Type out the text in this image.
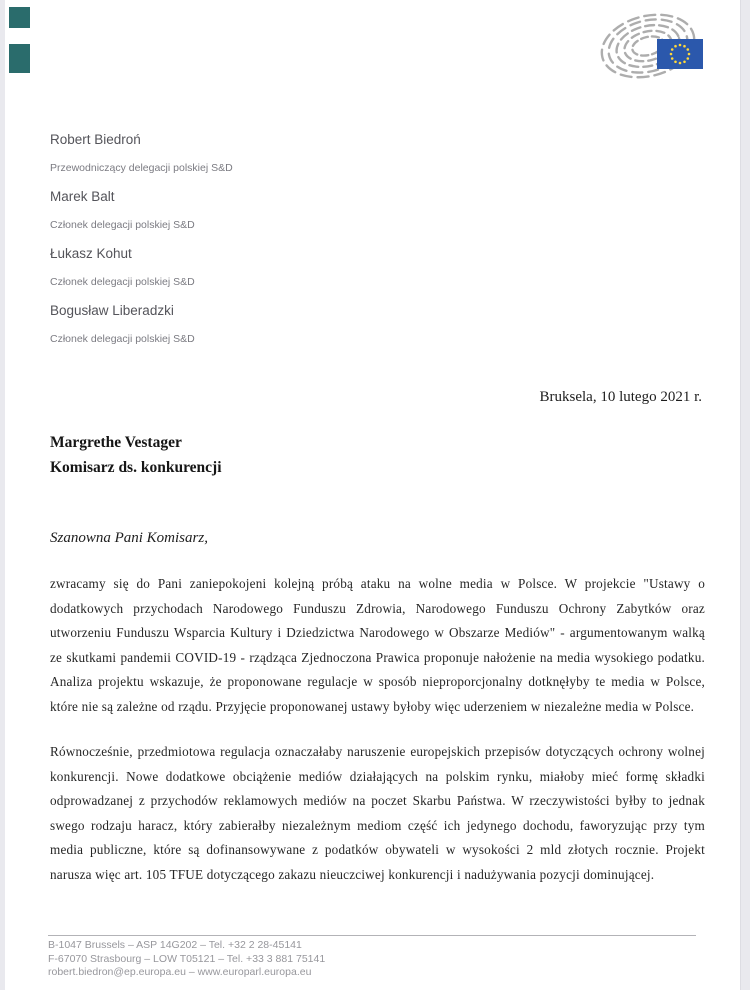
Robert Biedroń
Przewodniczący delegacji polskiej S&D
Marek Balt
Członek delegacji polskiej S&D
Łukasz Kohut
Członek delegacji polskiej S&D
Bogusław Liberadzki
Członek delegacji polskiej S&D
Bruksela, 10 lutego 2021 r.
Margrethe Vestager
Komisarz ds. konkurencji
Szanowna Pani Komisarz,
zwracamy się do Pani zaniepokojeni kolejną próbą ataku na wolne media w Polsce. W projekcie "Ustawy o
dodatkowych przychodach Narodowego Funduszu Zdrowia, Narodowego Funduszu Ochrony Zabytków oraz
utworzeniu Funduszu Wsparcia Kultury i Dziedzictwa Narodowego w Obszarze Mediów" - argumentowanym walką
ze skutkami pandemii COVID-19 - rządząca Zjednoczona Prawica proponuje nałożenie na media wysokiego podatku.
Analiza projektu wskazuje, że proponowane regulacje w sposób nieproporcjonalny dotknęłyby te media w Polsce,
które nie są zależne od rządu. Przyjęcie proponowanej ustawy byłoby więc uderzeniem w niezależne media w Polsce.
Równocześnie, przedmiotowa regulacja oznaczałaby naruszenie europejskich przepisów dotyczących ochrony wolnej
konkurencji. Nowe dodatkowe obciążenie mediów działających na polskim rynku, miałoby mieć formę składki
odprowadzanej z przychodów reklamowych mediów na poczet Skarbu Państwa. W rzeczywistości byłby to jednak
swego rodzaju haracz, który zabierałby niezależnym mediom część ich jedynego dochodu, faworyzując przy tym
media publiczne, które są dofinansowywane z podatków obywateli w wysokości 2 mld złotych rocznie. Projekt
narusza więc art. 105 TFUE dotyczącego zakazu nieuczciwej konkurencji i nadużywania pozycji dominującej.
B-1047 Brussels – ASP 14G202 – Tel. +32 2 28-45141
F-67070 Strasbourg – LOW T05121 – Tel. +33 3 881 75141
robert.biedron@ep.europa.eu – www.europarl.europa.eu
